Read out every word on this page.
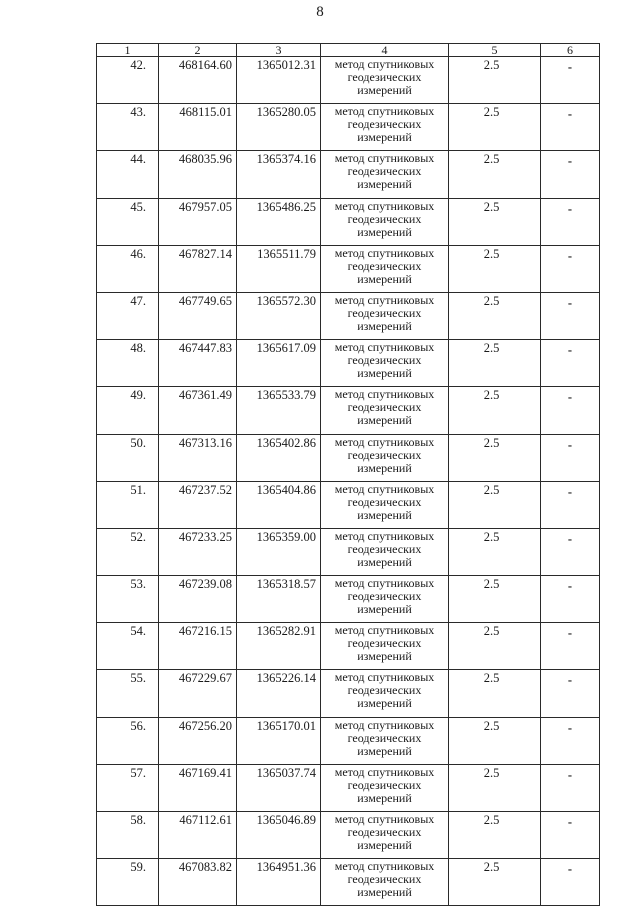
8
1	2	3	4	5	6
42.	468164.60	1365012.31	метод спутниковых геодезических измерений	2.5	-
43.	468115.01	1365280.05	метод спутниковых геодезических измерений	2.5	-
44.	468035.96	1365374.16	метод спутниковых геодезических измерений	2.5	-
45.	467957.05	1365486.25	метод спутниковых геодезических измерений	2.5	-
46.	467827.14	1365511.79	метод спутниковых геодезических измерений	2.5	-
47.	467749.65	1365572.30	метод спутниковых геодезических измерений	2.5	-
48.	467447.83	1365617.09	метод спутниковых геодезических измерений	2.5	-
49.	467361.49	1365533.79	метод спутниковых геодезических измерений	2.5	-
50.	467313.16	1365402.86	метод спутниковых геодезических измерений	2.5	-
51.	467237.52	1365404.86	метод спутниковых геодезических измерений	2.5	-
52.	467233.25	1365359.00	метод спутниковых геодезических измерений	2.5	-
53.	467239.08	1365318.57	метод спутниковых геодезических измерений	2.5	-
54.	467216.15	1365282.91	метод спутниковых геодезических измерений	2.5	-
55.	467229.67	1365226.14	метод спутниковых геодезических измерений	2.5	-
56.	467256.20	1365170.01	метод спутниковых геодезических измерений	2.5	-
57.	467169.41	1365037.74	метод спутниковых геодезических измерений	2.5	-
58.	467112.61	1365046.89	метод спутниковых геодезических измерений	2.5	-
59.	467083.82	1364951.36	метод спутниковых геодезических измерений	2.5	-
